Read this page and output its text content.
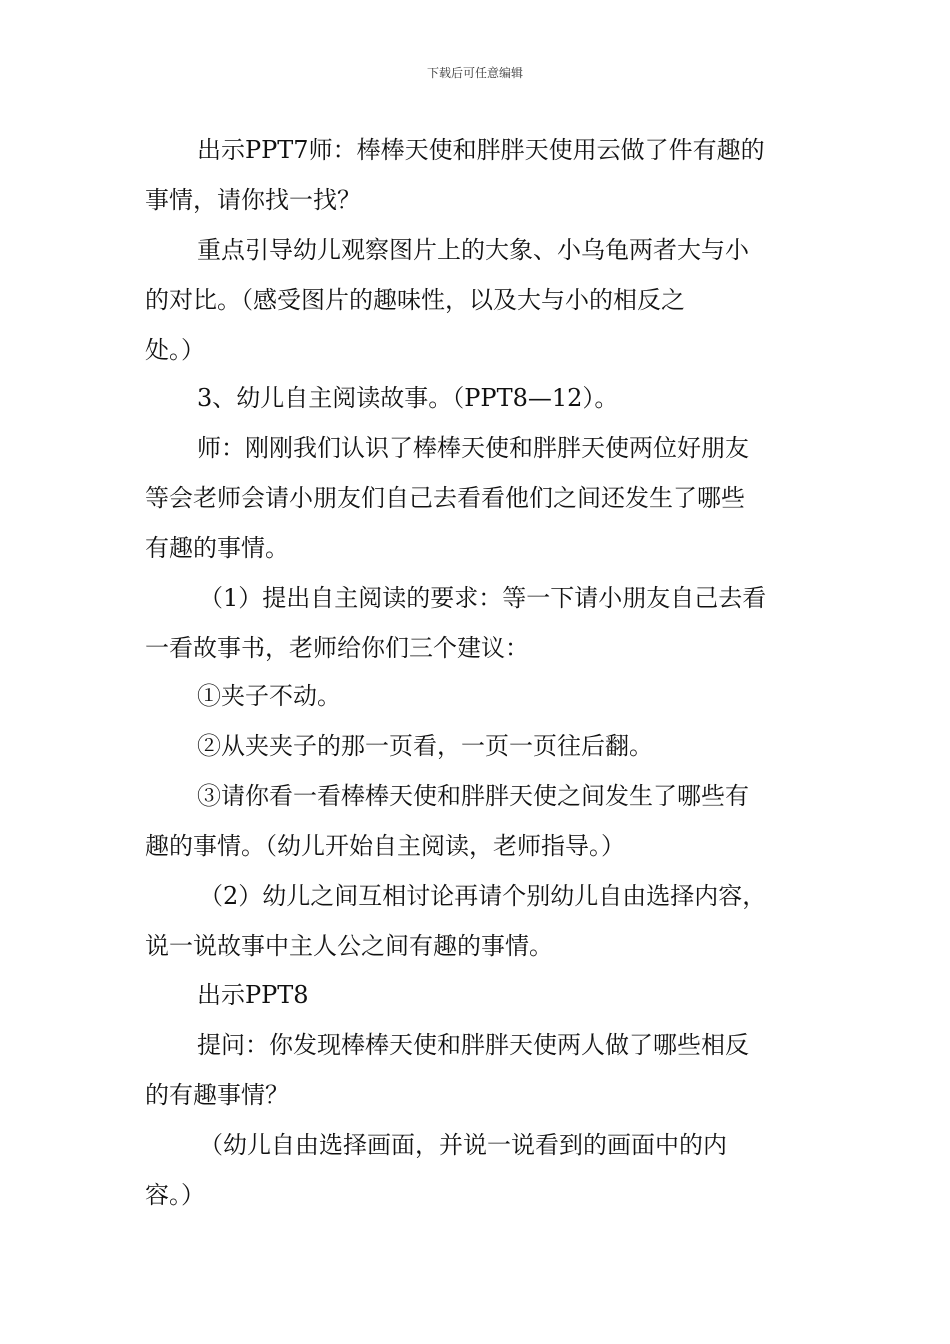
下载后可任意编辑
出示PPT7师：棒棒天使和胖胖天使用云做了件有趣的
事情，请你找一找？
重点引导幼儿观察图片上的大象、小乌龟两者大与小
的对比。（感受图片的趣味性，以及大与小的相反之
处。）
3、幼儿自主阅读故事。（PPT8—12）。
师：刚刚我们认识了棒棒天使和胖胖天使两位好朋友
等会老师会请小朋友们自己去看看他们之间还发生了哪些
有趣的事情。
（1）提出自主阅读的要求：等一下请小朋友自己去看
一看故事书，老师给你们三个建议：
①夹子不动。
②从夹夹子的那一页看，一页一页往后翻。
③请你看一看棒棒天使和胖胖天使之间发生了哪些有
趣的事情。（幼儿开始自主阅读，老师指导。）
（2）幼儿之间互相讨论再请个别幼儿自由选择内容，
说一说故事中主人公之间有趣的事情。
出示PPT8
提问：你发现棒棒天使和胖胖天使两人做了哪些相反
的有趣事情？
（幼儿自由选择画面，并说一说看到的画面中的内
容。）
